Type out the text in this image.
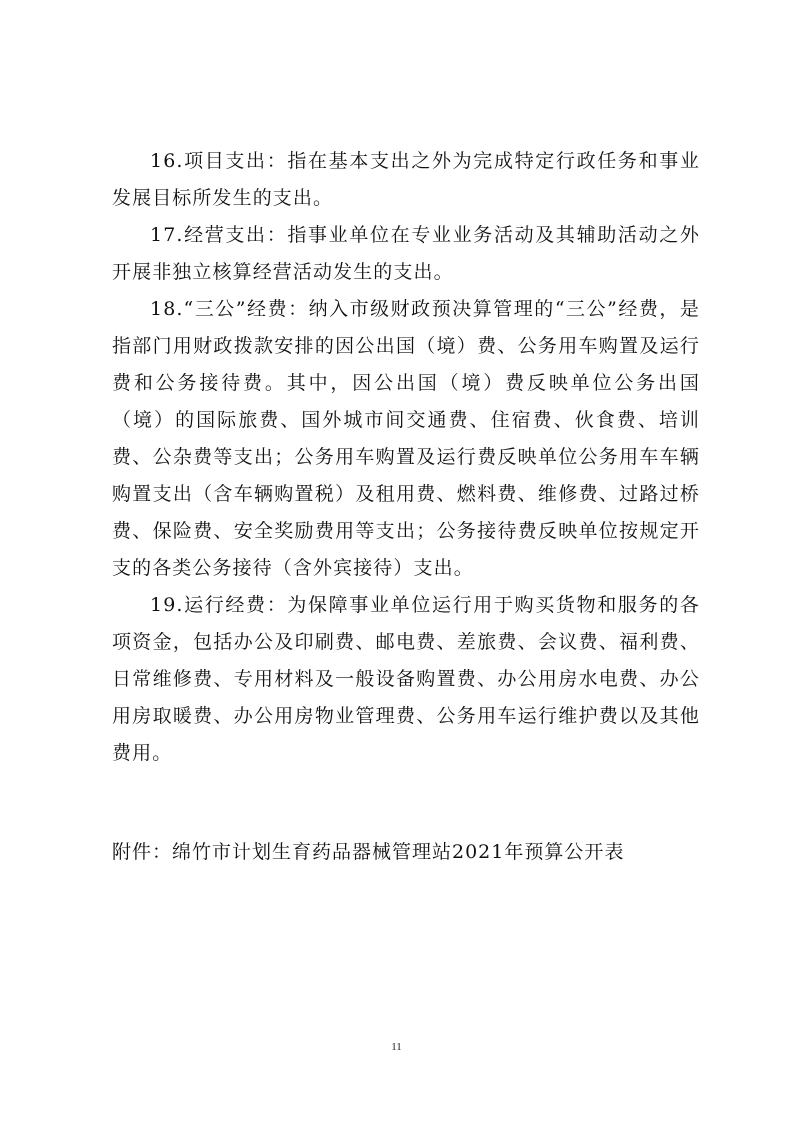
16.项目支出：指在基本支出之外为完成特定行政任务和事业发展目标所发生的支出。

17.经营支出：指事业单位在专业业务活动及其辅助活动之外开展非独立核算经营活动发生的支出。

18.“三公”经费：纳入市级财政预决算管理的“三公”经费，是指部门用财政拨款安排的因公出国（境）费、公务用车购置及运行费和公务接待费。其中，因公出国（境）费反映单位公务出国（境）的国际旅费、国外城市间交通费、住宿费、伙食费、培训费、公杂费等支出；公务用车购置及运行费反映单位公务用车车辆购置支出（含车辆购置税）及租用费、燃料费、维修费、过路过桥费、保险费、安全奖励费用等支出；公务接待费反映单位按规定开支的各类公务接待（含外宾接待）支出。

19.运行经费：为保障事业单位运行用于购买货物和服务的各项资金，包括办公及印刷费、邮电费、差旅费、会议费、福利费、日常维修费、专用材料及一般设备购置费、办公用房水电费、办公用房取暖费、办公用房物业管理费、公务用车运行维护费以及其他费用。

附件：绵竹市计划生育药品器械管理站2021年预算公开表

11
